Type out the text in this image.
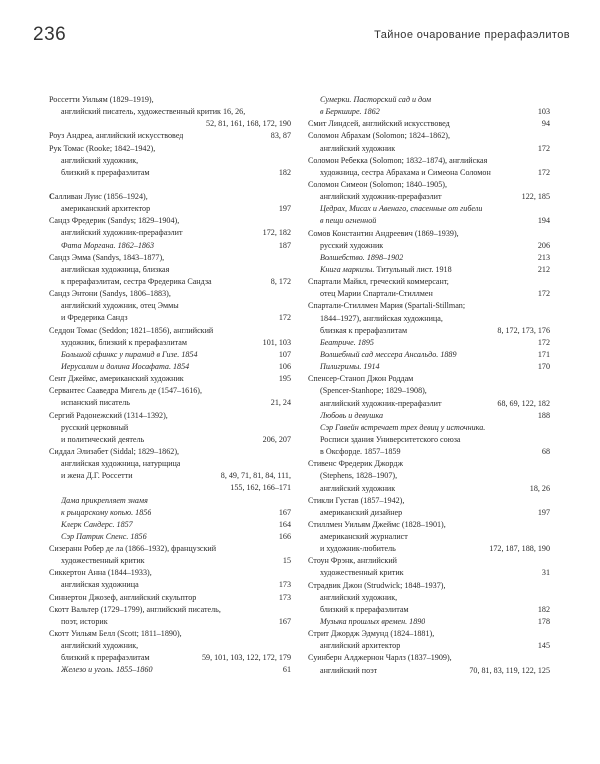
236	Тайное очарование прерафаэлитов
Россетти Уильям (1829–1919),
английский писатель, художественный критик 16, 26,
52, 81, 161, 168, 172, 190
Роуз Андреа, английский искусствовед	83, 87
Рук Томас (Rooke; 1842–1942),
английский художник,
близкий к прерафаэлитам	182
Салливан Луис (1856–1924),
американский архитектор	197
Сандз Фредерик (Sandys; 1829–1904),
английский художник-прерафаэлит	172, 182
Фата Моргана. 1862–1863	187
Сандз Эмма (Sandys, 1843–1877),
английская художница, близкая
к прерафаэлитам, сестра Фредерика Сандза	8, 172
Сандз Энтони (Sandys, 1806–1883),
английский художник, отец Эммы
и Фредерика Сандз	172
Седдон Томас (Seddon; 1821–1856), английский
художник, близкий к прерафаэлитам	101, 103
Большой сфинкс у пирамид в Гизе. 1854	107
Иерусалим и долина Иосафата. 1854	106
Сент Джеймс, американский художник	195
Сервантес Сааведра Мигель де (1547–1616),
испанский писатель	21, 24
Сергий Радонежский (1314–1392),
русский церковный
и политический деятель	206, 207
Сиддал Элизабет (Siddal; 1829–1862),
английская художница, натурщица
и жена Д.Г. Россетти	8, 49, 71, 81, 84, 111,
155, 162, 166–171
Дама прикрепляет знамя
к рыцарскому копью. 1856	167
Клерк Сандерс. 1857	164
Сэр Патрик Спенс. 1856	166
Сизеранн Робер де ла (1866–1932), французский
художественный критик	15
Сиккертон Анна (1844–1933),
английская художница	173
Синнертон Джозеф, английский скульптор	173
Скотт Вальтер (1729–1799), английский писатель,
поэт, историк	167
Скотт Уильям Белл (Scott; 1811–1890),
английский художник,
близкий к прерафаэлитам	59, 101, 103, 122, 172, 179
Железо и уголь. 1855–1860	61
Сумерки. Пасторский сад и дом
в Беркшире. 1862	103
Смит Линдсей, английский искусствовед	94
Соломон Абрахам (Solomon; 1824–1862),
английский художник	172
Соломон Ребекка (Solomon; 1832–1874), английская
художница, сестра Абрахама и Симеона Соломон	172
Соломон Симеон (Solomon; 1840–1905),
английский художник-прерафаэлит	122, 185
Цедрах, Мисах и Авенаго, спасенные от гибели
в пещи огненной	194
Сомов Константин Андреевич (1869–1939),
русский художник	206
Волшебство. 1898–1902	213
Книга маркизы. Титульный лист. 1918	212
Спартали Майкл, греческий коммерсант,
отец Марии Спартали-Стиллмен	172
Спартали-Стиллмен Мария (Spartali-Stillman;
1844–1927), английская художница,
близкая к прерафаэлитам	8, 172, 173, 176
Беатриче. 1895	172
Волшебный сад мессера Ансальдо. 1889	171
Пилигримы. 1914	170
Спенсер-Станоп Джон Роддам
(Spencer-Stanhope; 1829–1908),
английский художник-прерафаэлит	68, 69, 122, 182
Любовь и девушка	188
Сэр Гавейн встречает трех девиц у источника.
Росписи здания Университетского союза
в Оксфорде. 1857–1859	68
Стивенс Фредерик Джордж
(Stephens, 1828–1907),
английский художник	18, 26
Стикли Густав (1857–1942),
американский дизайнер	197
Стиллмен Уильям Джеймс (1828–1901),
американский журналист
и художник-любитель	172, 187, 188, 190
Стоун Фрэнк, английский
художественный критик	31
Страдвик Джон (Strudwick; 1848–1937),
английский художник,
близкий к прерафаэлитам	182
Музыка прошлых времен. 1890	178
Стрит Джордж Эдмунд (1824–1881),
английский архитектор	145
Суинберн Алджернон Чарлз (1837–1909),
английский поэт	70, 81, 83, 119, 122, 125
